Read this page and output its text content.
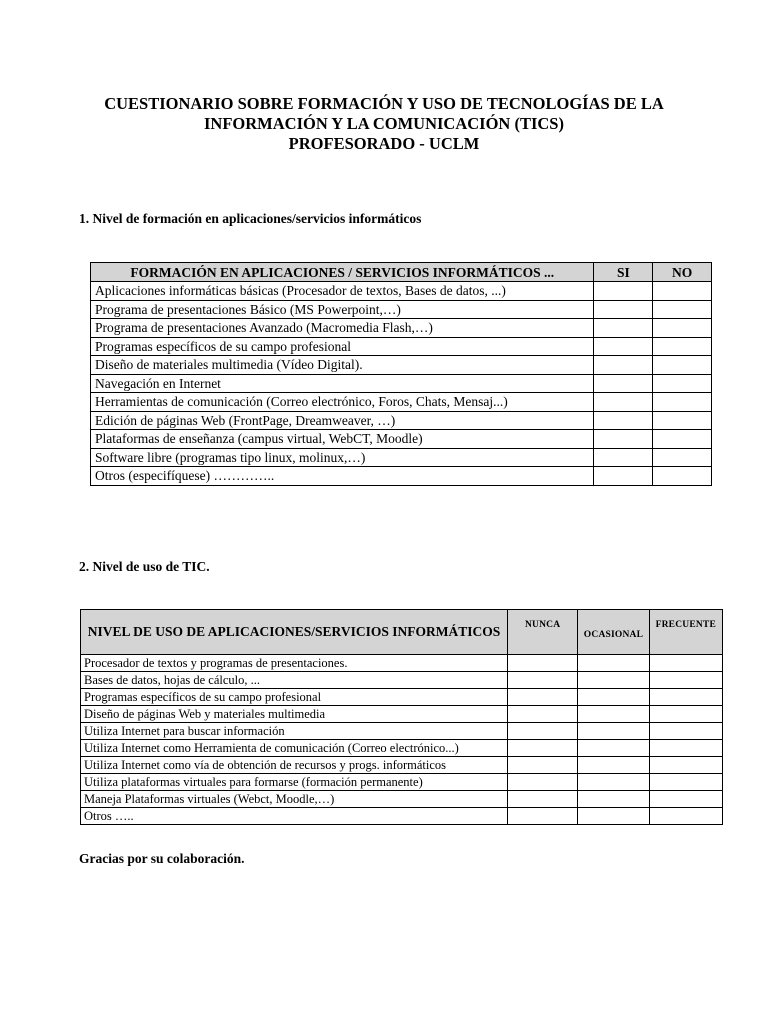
CUESTIONARIO SOBRE FORMACIÓN Y USO DE TECNOLOGÍAS DE LA
INFORMACIÓN Y LA COMUNICACIÓN (TICS)
PROFESORADO - UCLM
1. Nivel de formación en aplicaciones/servicios informáticos
FORMACIÓN EN APLICACIONES / SERVICIOS INFORMÁTICOS ...	SI	NO
Aplicaciones informáticas básicas (Procesador de textos, Bases de datos, ...)		
Programa de presentaciones Básico (MS Powerpoint,…)		
Programa de presentaciones Avanzado (Macromedia Flash,…)		
Programas específicos de su campo profesional		
Diseño de materiales multimedia (Vídeo Digital).		
Navegación en Internet		
Herramientas de comunicación (Correo electrónico, Foros, Chats, Mensaj...)		
Edición de páginas Web (FrontPage, Dreamweaver, …)		
Plataformas de enseñanza (campus virtual, WebCT, Moodle)		
Software libre (programas tipo linux, molinux,…)		
Otros (especifíquese) …………..		
2. Nivel de uso de TIC.
NIVEL DE USO DE APLICACIONES/SERVICIOS INFORMÁTICOS	NUNCA	OCASIONAL	FRECUENTE
Procesador de textos y programas de presentaciones.			
Bases de datos, hojas de cálculo, ...			
Programas específicos de su campo profesional			
Diseño de páginas Web y materiales multimedia			
Utiliza Internet para buscar información			
Utiliza Internet como Herramienta de comunicación (Correo electrónico...)			
Utiliza Internet como vía de obtención de recursos y progs. informáticos			
Utiliza plataformas virtuales para formarse (formación permanente)			
Maneja Plataformas virtuales (Webct, Moodle,…)			
Otros …..			
Gracias por su colaboración.
